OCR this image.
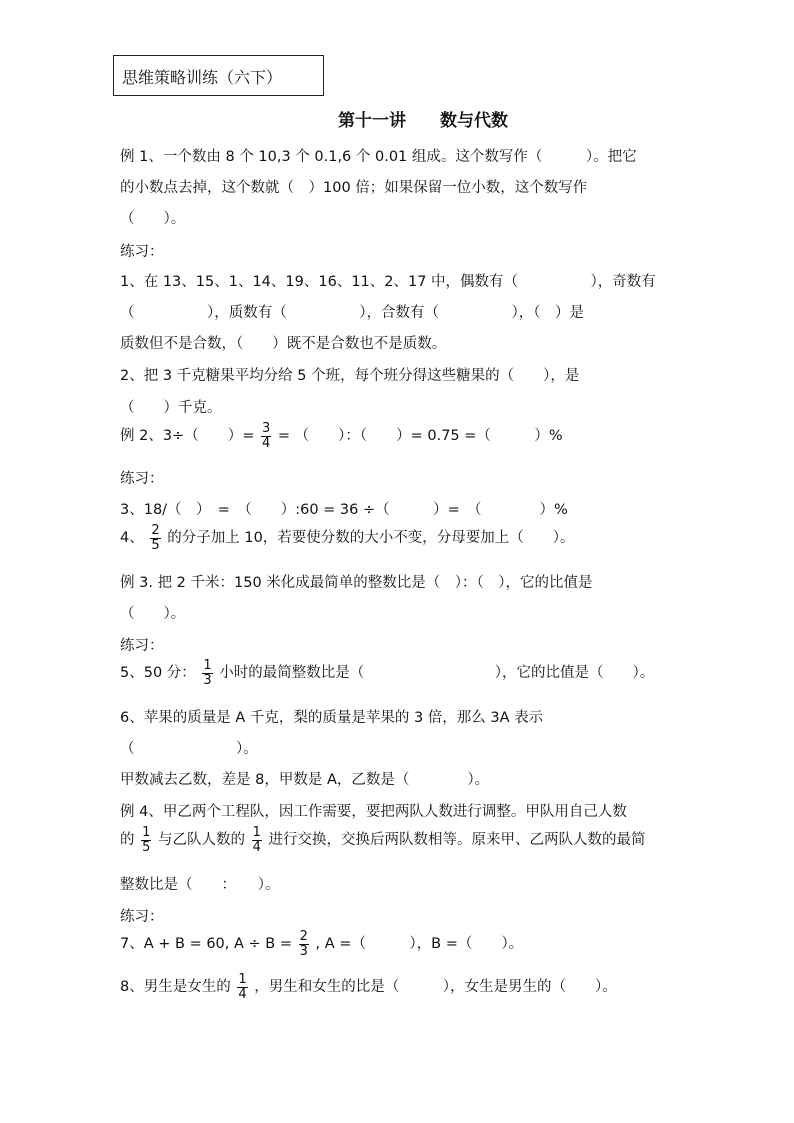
思维策略训练（六下）
第十一讲　　数与代数
例 1、一个数由 8 个 10,3 个 0.1,6 个 0.01 组成。这个数写作（　　　）。把它
的小数点去掉，这个数就（　）100 倍；如果保留一位小数，这个数写作
（　　）。
练习：
1、在 13、15、1、14、19、16、11、2、17 中，偶数有（　　　　　），奇数有
（　　　　　），质数有（　　　　　），合数有（　　　　　），（　）是
质数但不是合数，（　　）既不是合数也不是质数。
2、把 3 千克糖果平均分给 5 个班，每个班分得这些糖果的（　　），是
（　　）千克。
例 2、3÷（　　）= $\frac{3}{4}$ = （　　）：（　　）= 0.75 =（　　　）%
练习：
3、18/（　）　=　（　　）:60 = 36 ÷（　　　）=　（　　　　）%
4、 $\frac{2}{5}$ 的分子加上 10，若要使分数的大小不变，分母要加上（　　）。
例 3. 把 2 千米：150 米化成最简单的整数比是（　）：（　），它的比值是
（　　）。
练习：
5、50 分： $\frac{1}{3}$ 小时的最简整数比是（　　　　　　　　　），它的比值是（　　）。
6、苹果的质量是 A 千克，梨的质量是苹果的 3 倍，那么 3A 表示
（　　　　　　　）。
甲数减去乙数，差是 8，甲数是 A，乙数是（　　　　）。
例 4、甲乙两个工程队，因工作需要，要把两队人数进行调整。甲队用自己人数
的 $\frac{1}{5}$ 与乙队人数的 $\frac{1}{4}$ 进行交换，交换后两队数相等。原来甲、乙两队人数的最简
整数比是（　　：　　）。
练习：
7、A + B = 60, $A \div B = \frac{2}{3}$ , A =（　　　），B =（　　）。
8、男生是女生的 $\frac{1}{4}$ ，男生和女生的比是（　　　），女生是男生的（　　）。
